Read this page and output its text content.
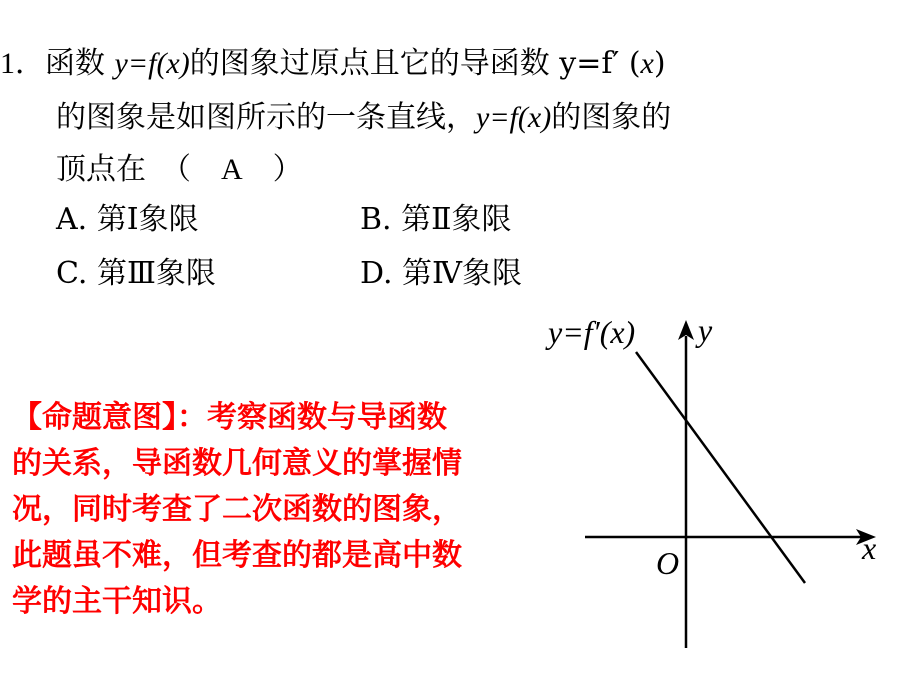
1．函数 y=f(x)的图象过原点且它的导函数 y=f′ (x)
的图象是如图所示的一条直线，y=f(x)的图象的
顶点在　（　A　）
A. 第Ⅰ象限	B. 第Ⅱ象限
C. 第Ⅲ象限	D. 第Ⅳ象限
【命题意图】：考察函数与导函数
的关系，导函数几何意义的掌握情
况，同时考查了二次函数的图象，
此题虽不难，但考查的都是高中数
学的主干知识。
y=f′(x) y
x
O
